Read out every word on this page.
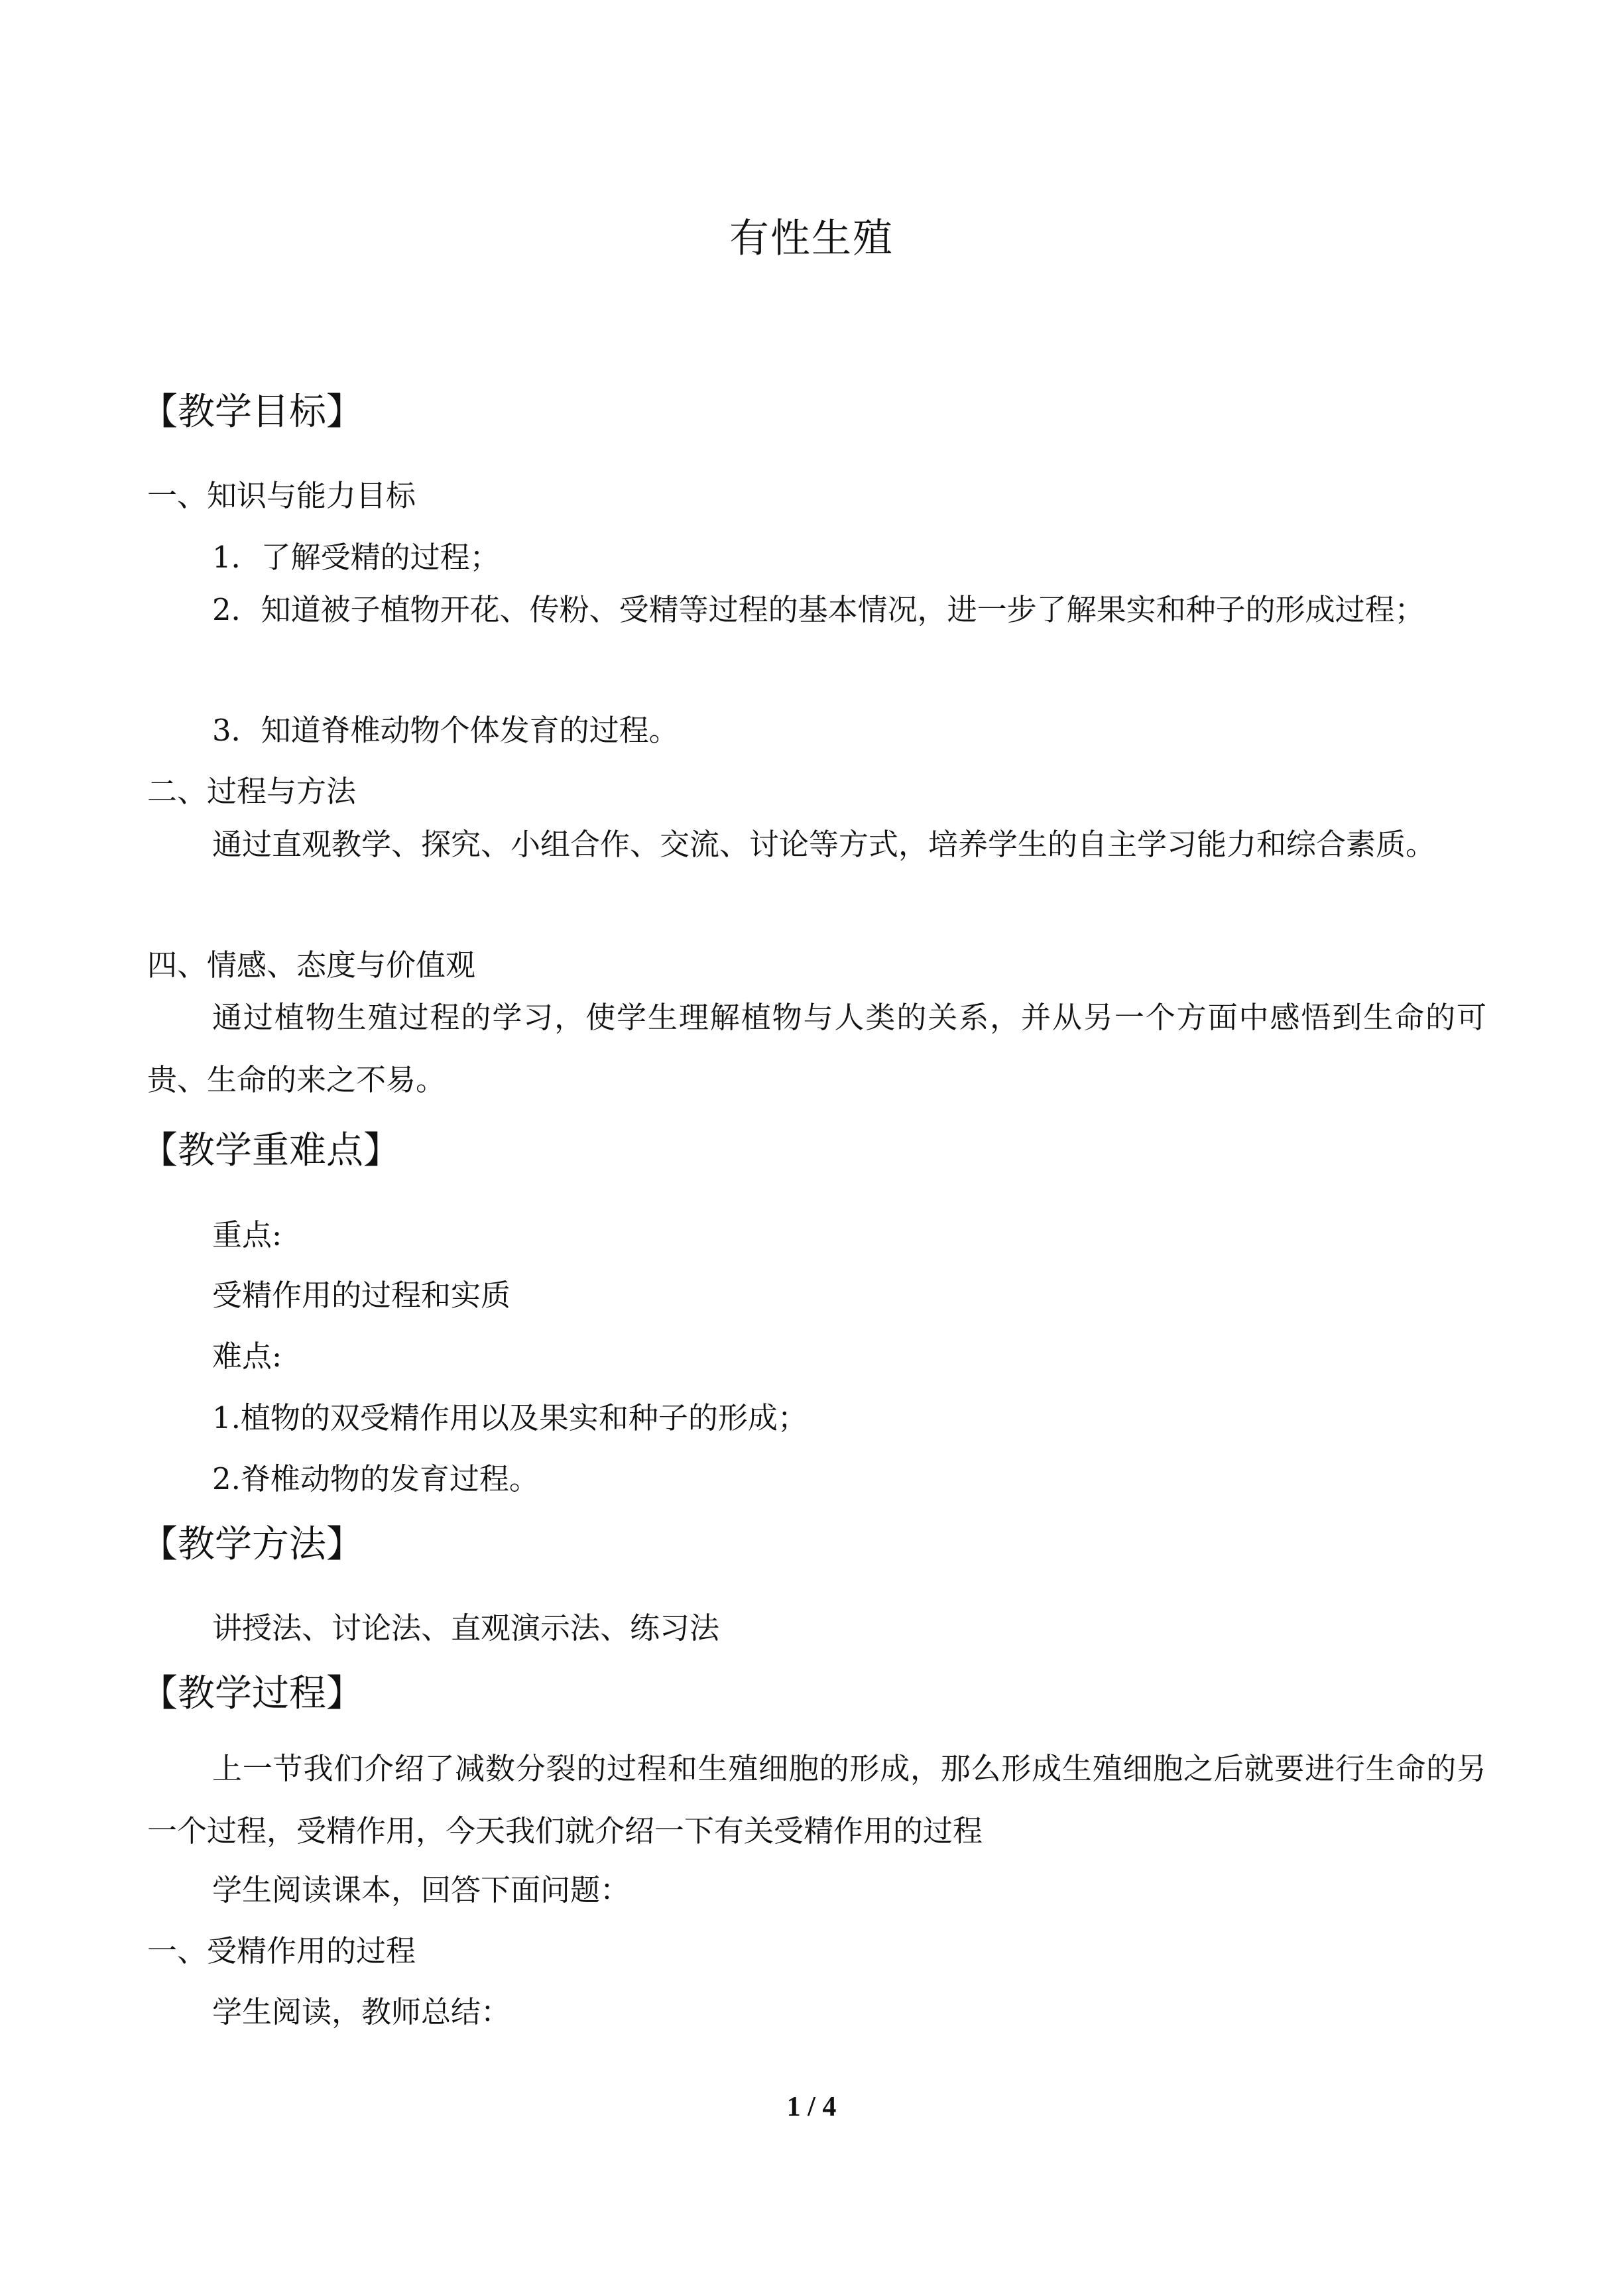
有性生殖
【教学目标】
一、知识与能力目标
1．了解受精的过程；
2．知道被子植物开花、传粉、受精等过程的基本情况，进一步了解果实和种子的形成过程；
3．知道脊椎动物个体发育的过程。
二、过程与方法
通过直观教学、探究、小组合作、交流、讨论等方式，培养学生的自主学习能力和综合素质。
四、情感、态度与价值观
通过植物生殖过程的学习，使学生理解植物与人类的关系，并从另一个方面中感悟到生命的可贵、生命的来之不易。
【教学重难点】
重点:
受精作用的过程和实质
难点:
1.植物的双受精作用以及果实和种子的形成；
2.脊椎动物的发育过程。
【教学方法】
讲授法、讨论法、直观演示法、练习法
【教学过程】
上一节我们介绍了减数分裂的过程和生殖细胞的形成，那么形成生殖细胞之后就要进行生命的另一个过程，受精作用，今天我们就介绍一下有关受精作用的过程
学生阅读课本，回答下面问题：
一、受精作用的过程
学生阅读，教师总结：
1 / 4
